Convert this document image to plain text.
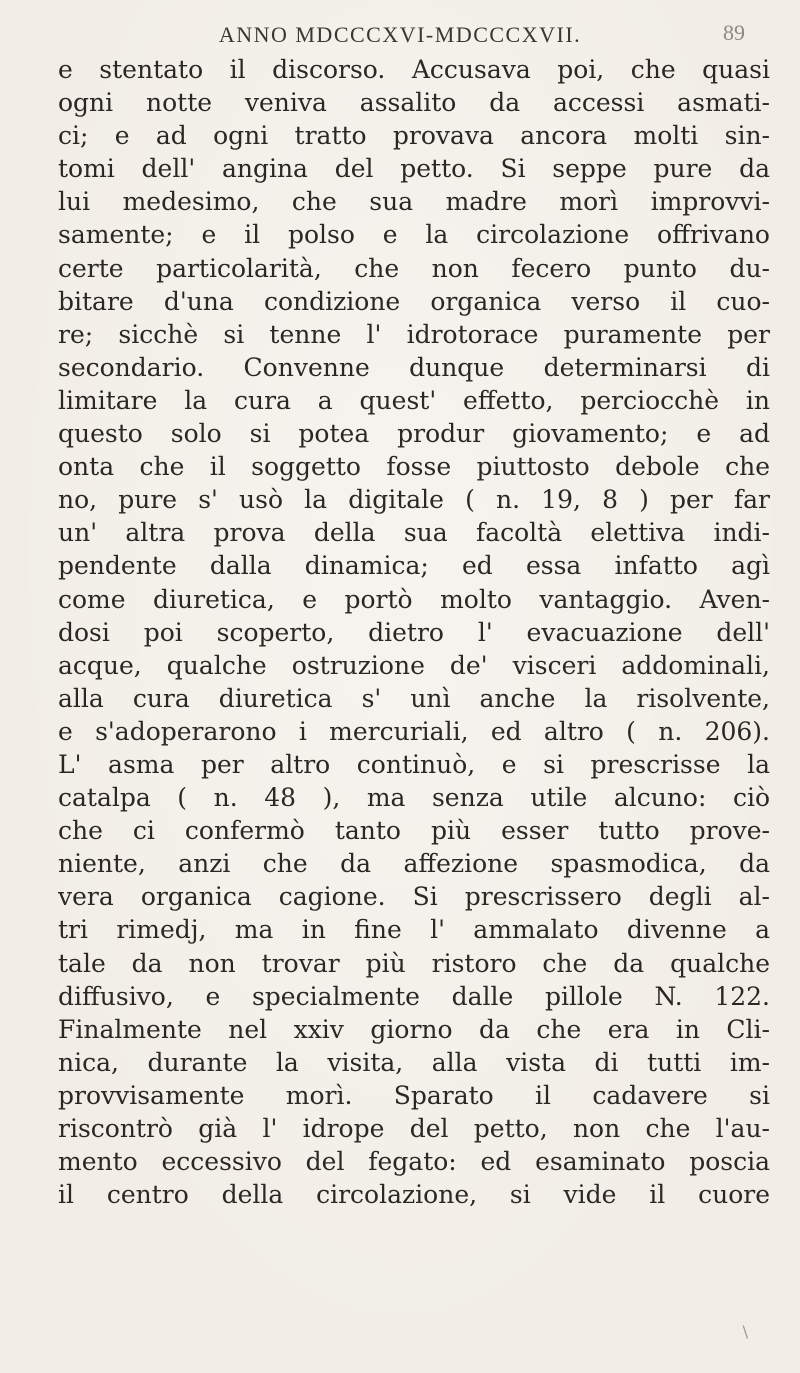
ANNO MDCCCXVI-MDCCCXVII.	89
e stentato il discorso. Accusava poi, che quasi
ogni notte veniva assalito da accessi asmati-
ci; e ad ogni tratto provava ancora molti sin-
tomi dell' angina del petto. Si seppe pure da
lui medesimo, che sua madre morì improvvi-
samente; e il polso e la circolazione offrivano
certe particolarità, che non fecero punto du-
bitare d'una condizione organica verso il cuo-
re; sicchè si tenne l' idrotorace puramente per
secondario. Convenne dunque determinarsi di
limitare la cura a quest' effetto, perciocchè in
questo solo si potea produr giovamento; e ad
onta che il soggetto fosse piuttosto debole che
no, pure s' usò la digitale ( n. 19, 8 ) per far
un' altra prova della sua facoltà elettiva indi-
pendente dalla dinamica; ed essa infatto agì
come diuretica, e portò molto vantaggio. Aven-
dosi poi scoperto, dietro l' evacuazione dell'
acque, qualche ostruzione de' visceri addominali,
alla cura diuretica s' unì anche la risolvente,
e s'adoperarono i mercuriali, ed altro ( n. 206).
L' asma per altro continuò, e si prescrisse la
catalpa ( n. 48 ), ma senza utile alcuno: ciò
che ci confermò tanto più esser tutto prove-
niente, anzi che da affezione spasmodica, da
vera organica cagione. Si prescrissero degli al-
tri rimedj, ma in fine l' ammalato divenne a
tale da non trovar più ristoro che da qualche
diffusivo, e specialmente dalle pillole N. 122.
Finalmente nel xxiv giorno da che era in Cli-
nica, durante la visita, alla vista di tutti im-
provvisamente morì. Sparato il cadavere si
riscontrò già l' idrope del petto, non che l'au-
mento eccessivo del fegato: ed esaminato poscia
il centro della circolazione, si vide il cuore
\
